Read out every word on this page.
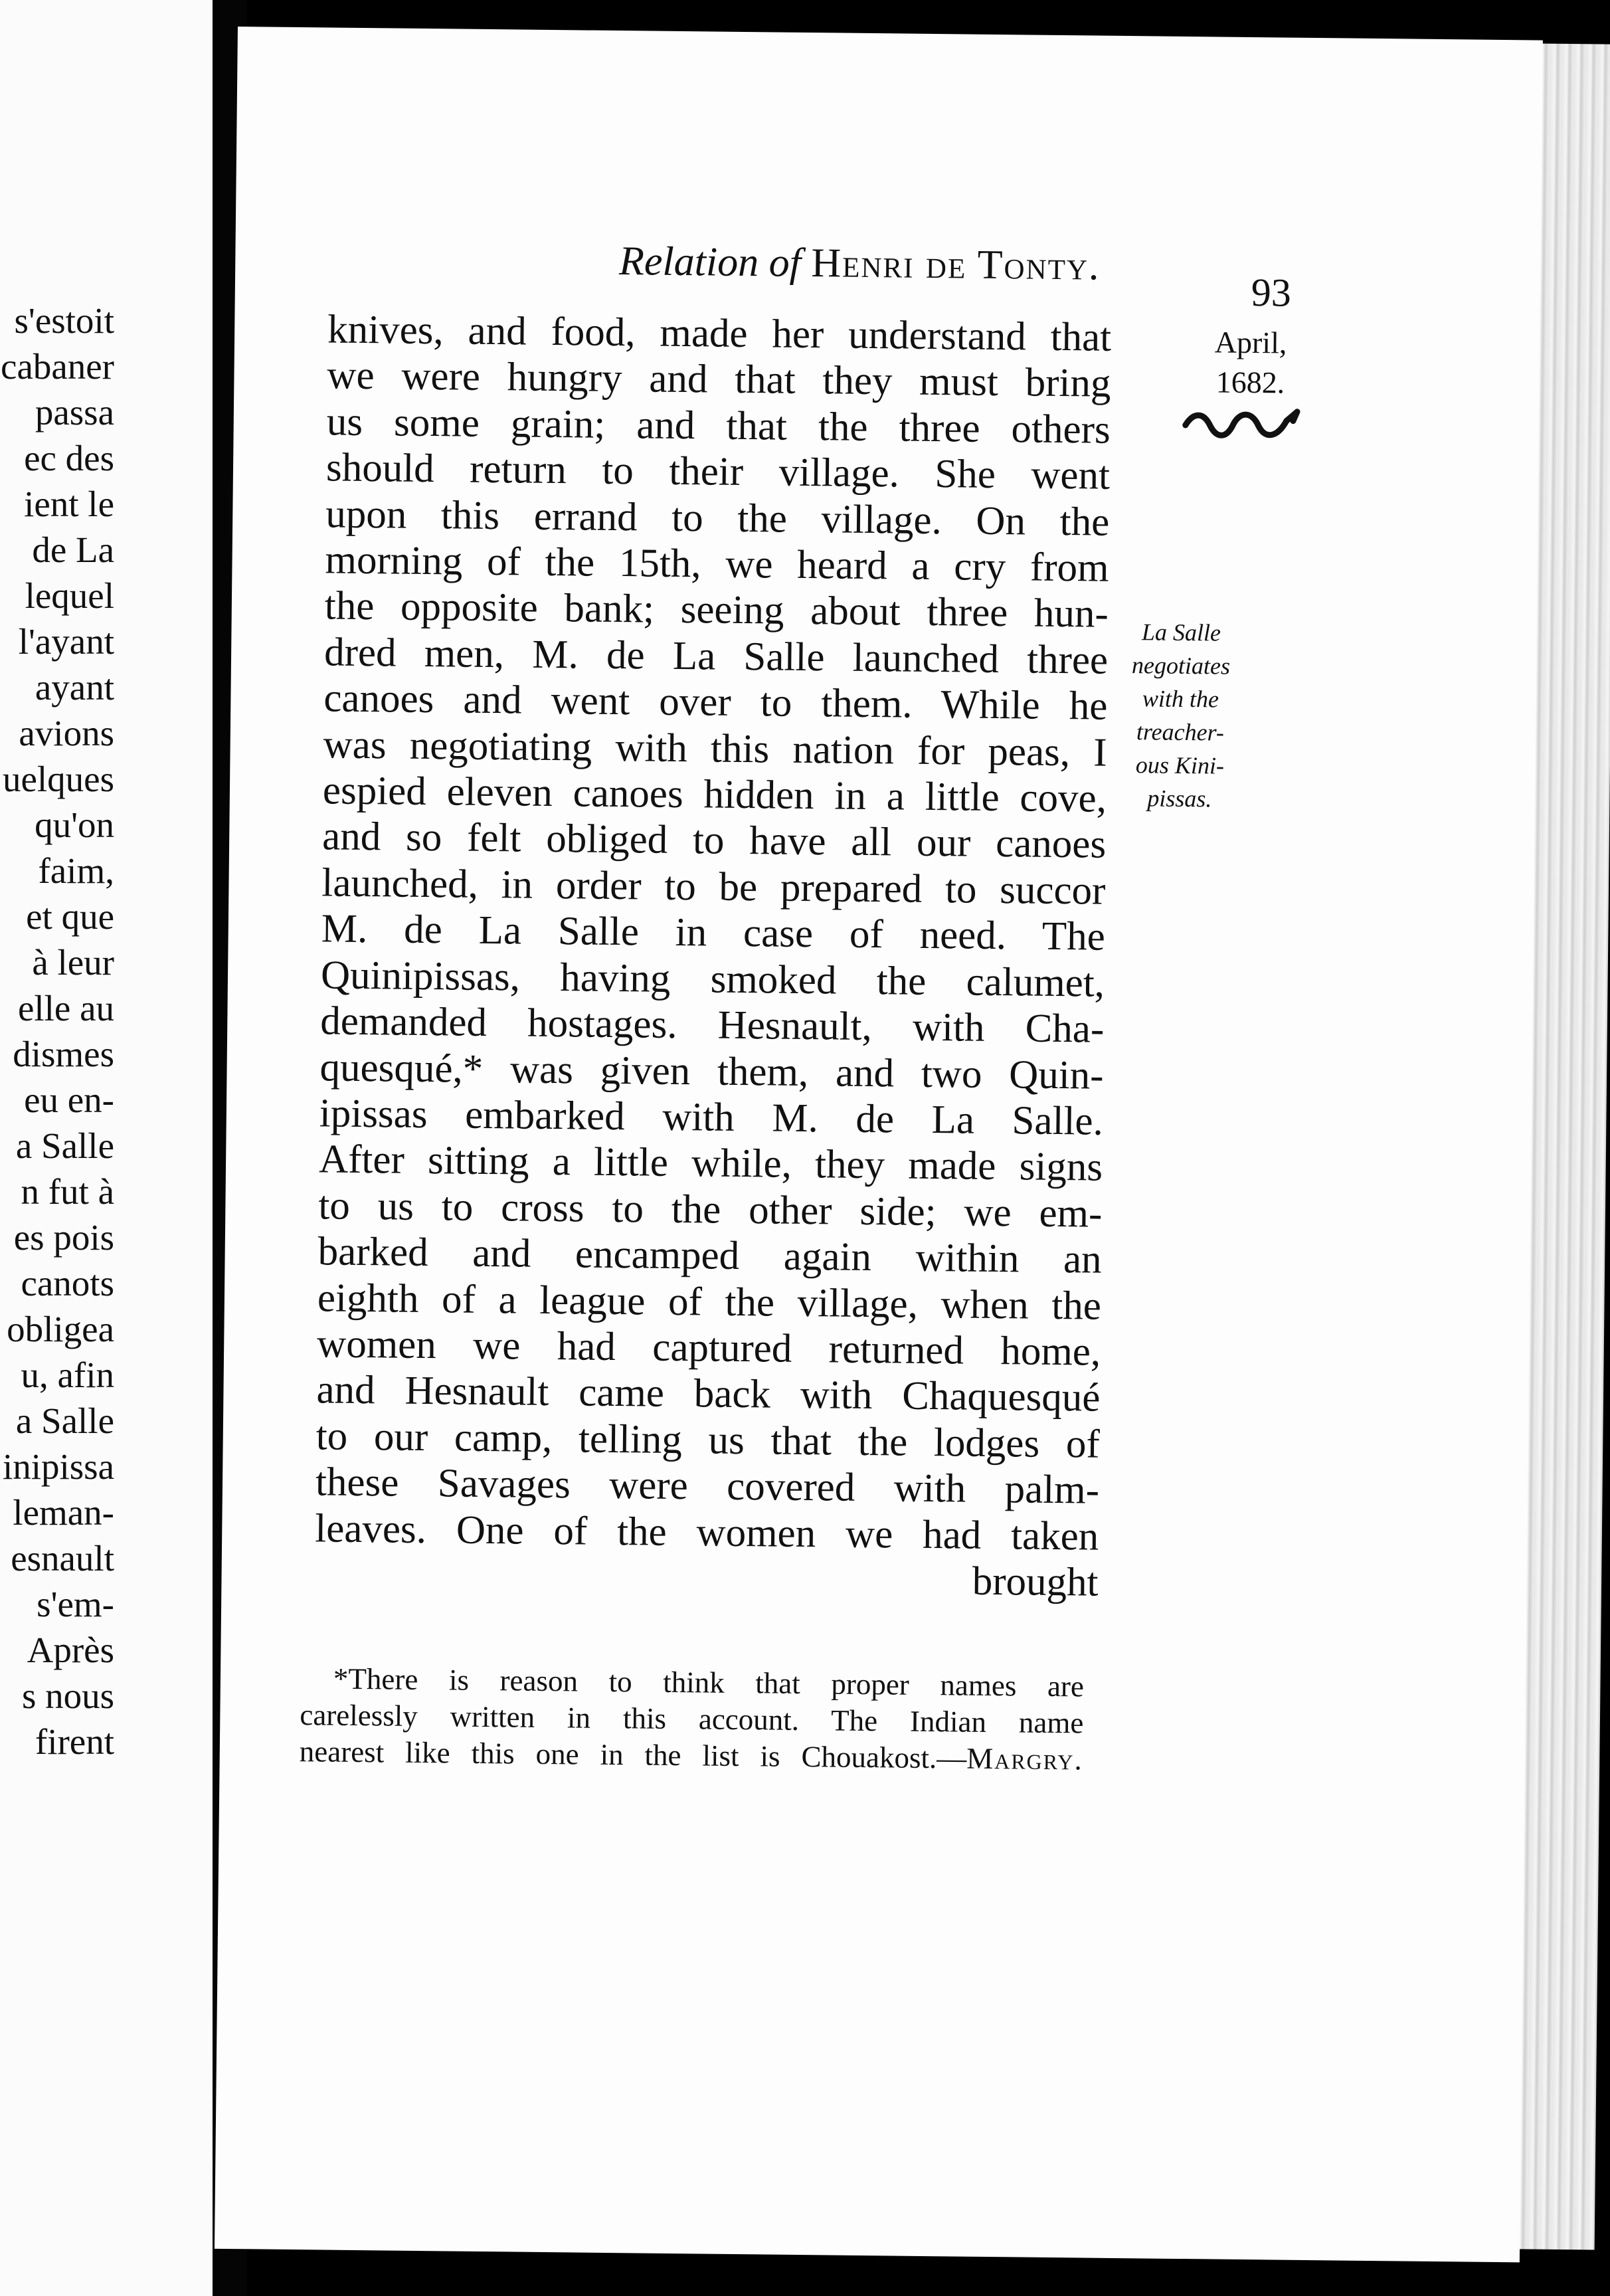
s'estoit
cabaner
passa
ec des
ient le
de La
lequel
l'ayant
ayant
avions
uelques
qu'on
faim,
et que
à leur
elle au
dismes
eu en-
a Salle
n fut à
es pois
canots
obligea
u, afin
a Salle
inipissa
leman-
esnault
s'em-
Après
s nous
firent
Relation of Henri de Tonty.
93
April,
1682.
knives, and food, made her understand that
we were hungry and that they must bring
us some grain; and that the three others
should return to their village. She went
upon this errand to the village. On the
morning of the 15th, we heard a cry from
the opposite bank; seeing about three hun-
dred men, M. de La Salle launched three
canoes and went over to them. While he
was negotiating with this nation for peas, I
espied eleven canoes hidden in a little cove,
and so felt obliged to have all our canoes
launched, in order to be prepared to succor
M. de La Salle in case of need. The
Quinipissas, having smoked the calumet,
demanded hostages. Hesnault, with Cha-
quesqué,* was given them, and two Quin-
ipissas embarked with M. de La Salle.
After sitting a little while, they made signs
to us to cross to the other side; we em-
barked and encamped again within an
eighth of a league of the village, when the
women we had captured returned home,
and Hesnault came back with Chaquesqué
to our camp, telling us that the lodges of
these Savages were covered with palm-
leaves. One of the women we had taken
brought
La Salle
negotiates
with the
treacher-
ous Kini-
pissas.
*There is reason to think that proper names are
carelessly written in this account. The Indian name
nearest like this one in the list is Chouakost.—Margry.
